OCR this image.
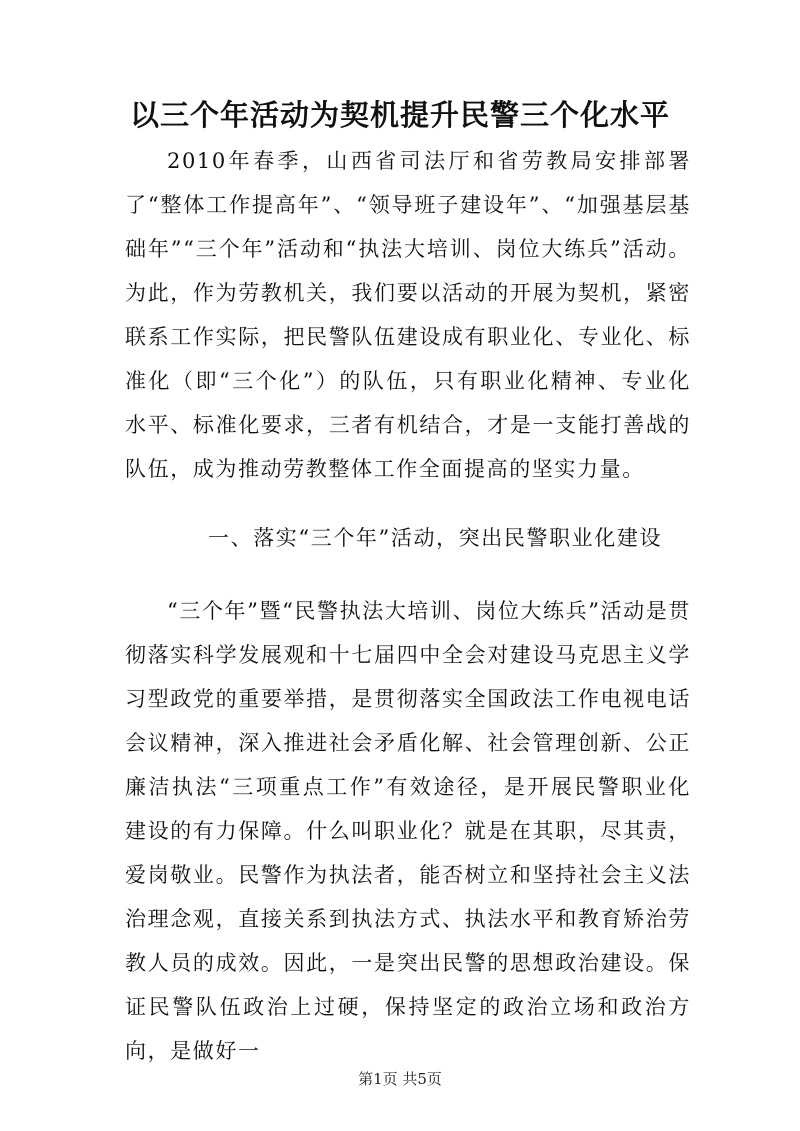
以三个年活动为契机提升民警三个化水平

2010年春季，山西省司法厅和省劳教局安排部署了“整体工作提高年”、“领导班子建设年”、“加强基层基础年”“三个年”活动和“执法大培训、岗位大练兵”活动。为此，作为劳教机关，我们要以活动的开展为契机，紧密联系工作实际，把民警队伍建设成有职业化、专业化、标准化（即“三个化”）的队伍，只有职业化精神、专业化水平、标准化要求，三者有机结合，才是一支能打善战的队伍，成为推动劳教整体工作全面提高的坚实力量。

一、落实“三个年”活动，突出民警职业化建设

“三个年”暨“民警执法大培训、岗位大练兵”活动是贯彻落实科学发展观和十七届四中全会对建设马克思主义学习型政党的重要举措，是贯彻落实全国政法工作电视电话会议精神，深入推进社会矛盾化解、社会管理创新、公正廉洁执法“三项重点工作”有效途径，是开展民警职业化建设的有力保障。什么叫职业化？就是在其职，尽其责，爱岗敬业。民警作为执法者，能否树立和坚持社会主义法治理念观，直接关系到执法方式、执法水平和教育矫治劳教人员的成效。因此，一是突出民警的思想政治建设。保证民警队伍政治上过硬，保持坚定的政治立场和政治方向，是做好一

第1页 共5页
